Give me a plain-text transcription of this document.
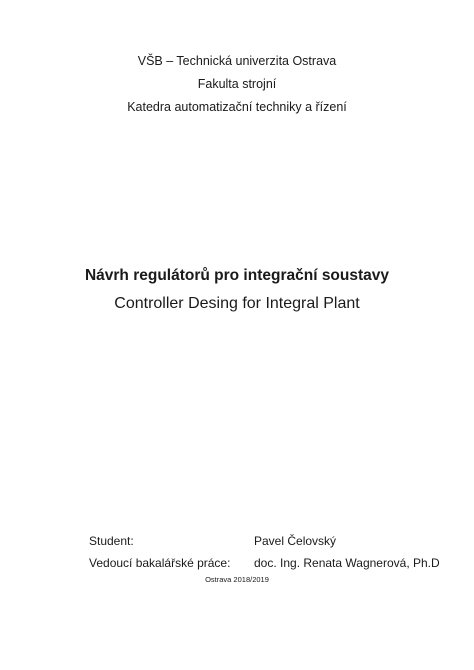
VŠB – Technická univerzita Ostrava
Fakulta strojní
Katedra automatizační techniky a řízení
Návrh regulátorů pro integrační soustavy
Controller Desing for Integral Plant
Student:	Pavel Čelovský
Vedoucí bakalářské práce: doc. Ing. Renata Wagnerová, Ph.D
Ostrava 2018/2019
